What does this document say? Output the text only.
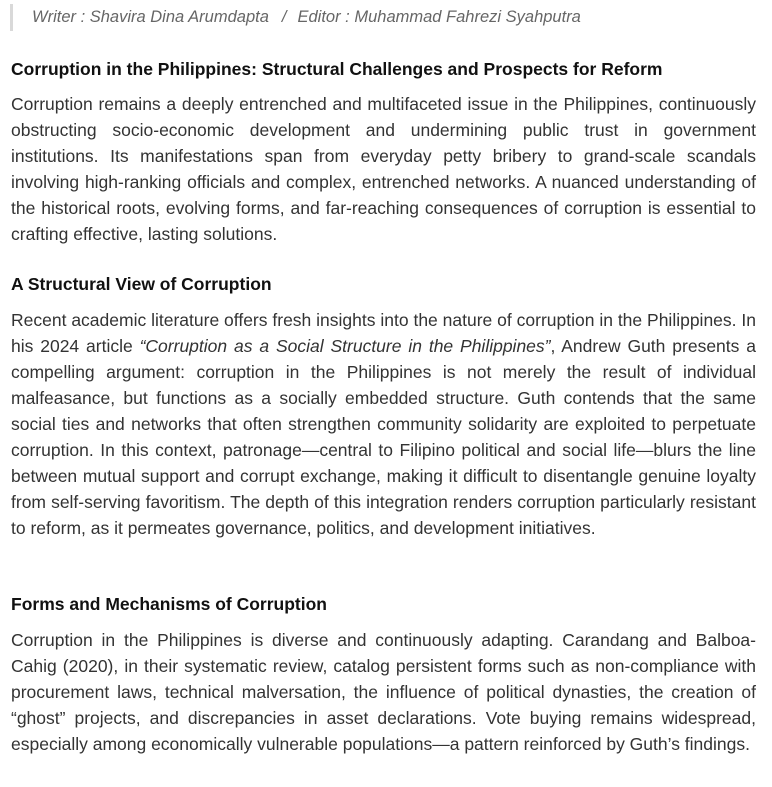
Writer : Shavira Dina Arumdapta / Editor : Muhammad Fahrezi Syahputra
Corruption in the Philippines: Structural Challenges and Prospects for Reform

Corruption remains a deeply entrenched and multifaceted issue in the Philippines, continuously obstructing socio-economic development and undermining public trust in government institutions. Its manifestations span from everyday petty bribery to grand-scale scandals involving high-ranking officials and complex, entrenched networks. A nuanced understanding of the historical roots, evolving forms, and far-reaching consequences of corruption is essential to crafting effective, lasting solutions.

A Structural View of Corruption

Recent academic literature offers fresh insights into the nature of corruption in the Philippines. In his 2024 article “Corruption as a Social Structure in the Philippines”, Andrew Guth presents a compelling argument: corruption in the Philippines is not merely the result of individual malfeasance, but functions as a socially embedded structure. Guth contends that the same social ties and networks that often strengthen community solidarity are exploited to perpetuate corruption. In this context, patronage—central to Filipino political and social life—blurs the line between mutual support and corrupt exchange, making it difficult to disentangle genuine loyalty from self-serving favoritism. The depth of this integration renders corruption particularly resistant to reform, as it permeates governance, politics, and development initiatives.

Forms and Mechanisms of Corruption

Corruption in the Philippines is diverse and continuously adapting. Carandang and Balboa-Cahig (2020), in their systematic review, catalog persistent forms such as non-compliance with procurement laws, technical malversation, the influence of political dynasties, the creation of “ghost” projects, and discrepancies in asset declarations. Vote buying remains widespread, especially among economically vulnerable populations—a pattern reinforced by Guth’s findings.
